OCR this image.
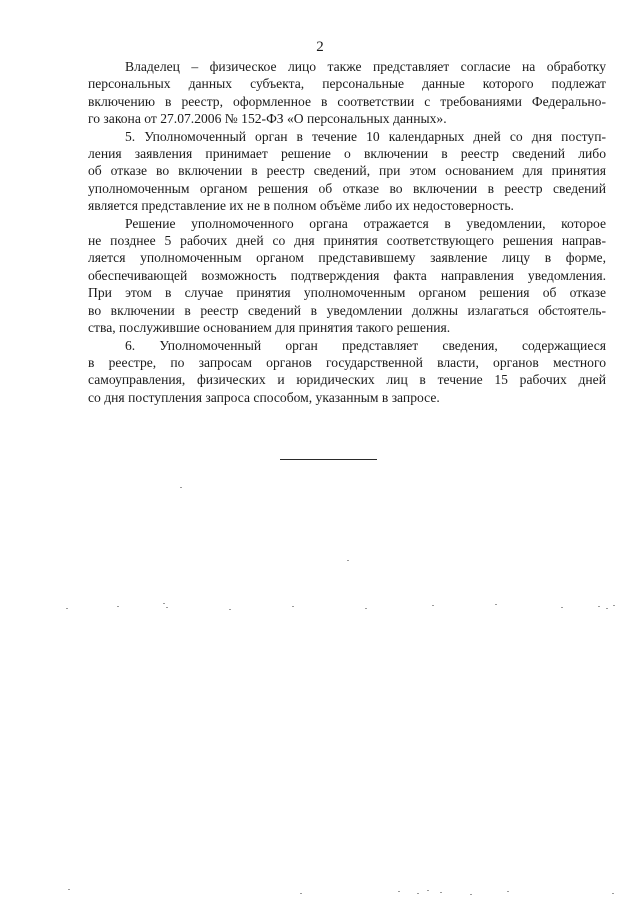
2
Владелец – физическое лицо также представляет согласие на обработку
персональных данных субъекта, персональные данные которого подлежат
включению в реестр, оформленное в соответствии с требованиями Федерально-
го закона от 27.07.2006 № 152-ФЗ «О персональных данных».
5. Уполномоченный орган в течение 10 календарных дней со дня поступ-
ления заявления принимает решение о включении в реестр сведений либо
об отказе во включении в реестр сведений, при этом основанием для принятия
уполномоченным органом решения об отказе во включении в реестр сведений
является представление их не в полном объёме либо их недостоверность.
Решение уполномоченного органа отражается в уведомлении, которое
не позднее 5 рабочих дней со дня принятия соответствующего решения направ-
ляется уполномоченным органом представившему заявление лицу в форме,
обеспечивающей возможность подтверждения факта направления уведомления.
При этом в случае принятия уполномоченным органом решения об отказе
во включении в реестр сведений в уведомлении должны излагаться обстоятель-
ства, послужившие основанием для принятия такого решения.
6. Уполномоченный орган представляет сведения, содержащиеся
в реестре, по запросам органов государственной власти, органов местного
самоуправления, физических и юридических лиц в течение 15 рабочих дней
со дня поступления запроса способом, указанным в запросе.
